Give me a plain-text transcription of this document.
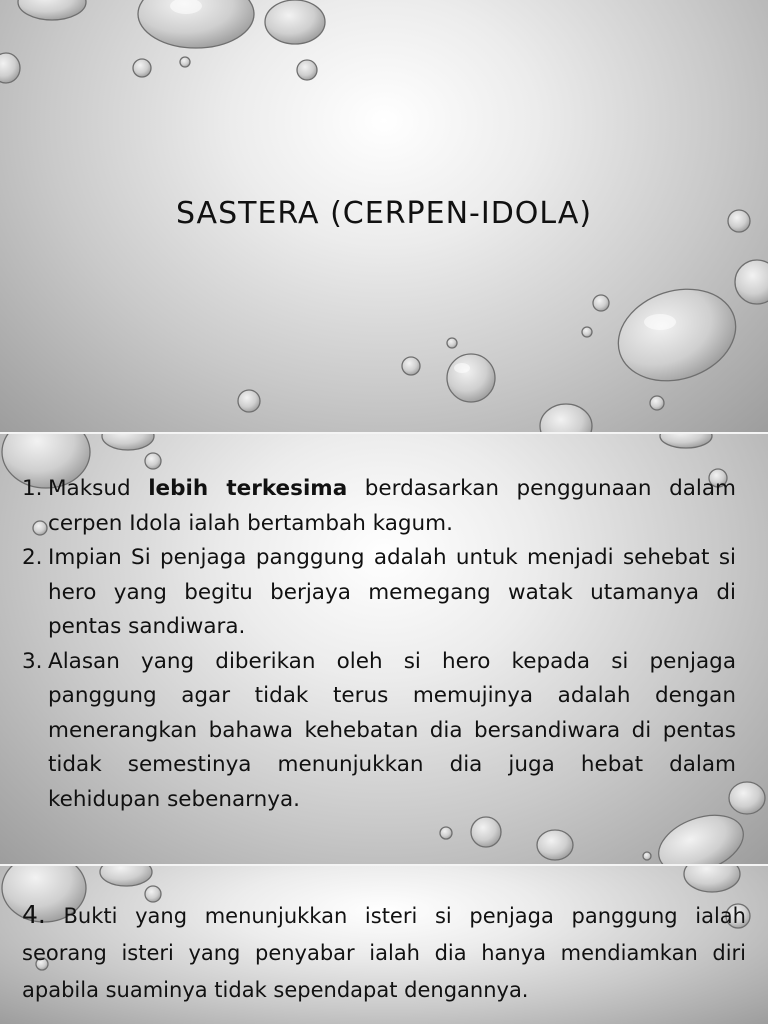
SASTERA (CERPEN-IDOLA)
1. Maksud lebih terkesima berdasarkan penggunaan dalam cerpen Idola ialah bertambah kagum.
2. Impian Si penjaga panggung adalah untuk menjadi sehebat si hero yang begitu berjaya memegang watak utamanya di pentas sandiwara.
3. Alasan yang diberikan oleh si hero kepada si penjaga panggung agar tidak terus memujinya adalah dengan menerangkan bahawa kehebatan dia bersandiwara di pentas tidak semestinya menunjukkan dia juga hebat dalam kehidupan sebenarnya.

4. Bukti yang menunjukkan isteri si penjaga panggung ialah seorang isteri yang penyabar ialah dia hanya mendiamkan diri apabila suaminya tidak sependapat dengannya.
